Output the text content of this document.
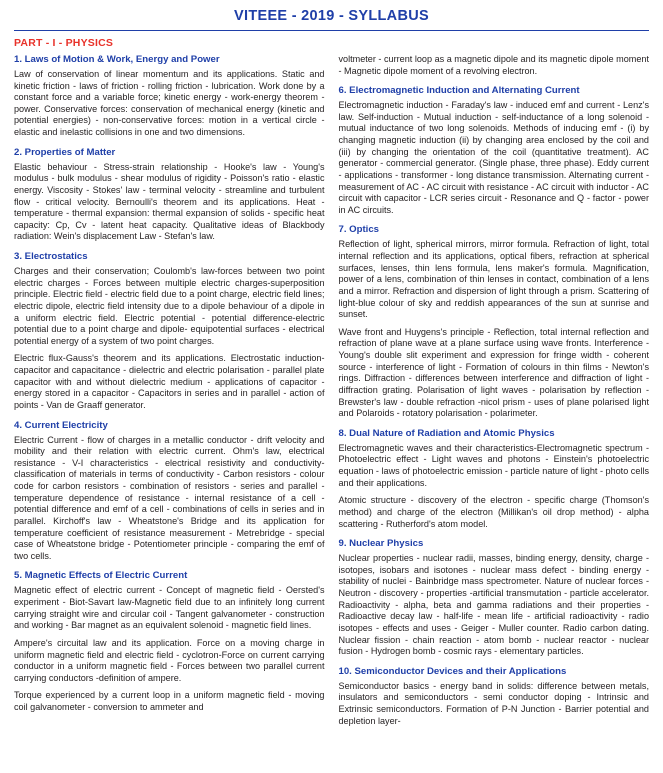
VITEEE - 2019 - SYLLABUS
PART - I - PHYSICS
1. Laws of Motion & Work, Energy and Power

Law of conservation of linear momentum and its applications. Static and kinetic friction - laws of friction - rolling friction - lubrication. Work done by a constant force and a variable force; kinetic energy - work-energy theorem - power. Conservative forces: conservation of mechanical energy (kinetic and potential energies) - non-conservative forces: motion in a vertical circle - elastic and inelastic collisions in one and two dimensions.

2. Properties of Matter

Elastic behaviour - Stress-strain relationship - Hooke's law - Young's modulus - bulk modulus - shear modulus of rigidity - Poisson's ratio - elastic energy. Viscosity - Stokes' law - terminal velocity - streamline and turbulent flow - critical velocity. Bernoulli's theorem and its applications. Heat - temperature - thermal expansion: thermal expansion of solids - specific heat capacity: Cp, Cv - latent heat capacity. Qualitative ideas of Blackbody radiation: Wein's displacement Law - Stefan's law.

3. Electrostatics

Charges and their conservation; Coulomb's law-forces between two point electric charges - Forces between multiple electric charges-superposition principle. Electric field - electric field due to a point charge, electric field lines; electric dipole, electric field intensity due to a dipole behaviour of a dipole in a uniform electric field. Electric potential - potential difference-electric potential due to a point charge and dipole- equipotential surfaces - electrical potential energy of a system of two point charges.

Electric flux-Gauss's theorem and its applications. Electrostatic induction-capacitor and capacitance - dielectric and electric polarisation - parallel plate capacitor with and without dielectric medium - applications of capacitor - energy stored in a capacitor - Capacitors in series and in parallel - action of points - Van de Graaff generator.

4. Current Electricity

Electric Current - flow of charges in a metallic conductor - drift velocity and mobility and their relation with electric current. Ohm's law, electrical resistance - V-I characteristics - electrical resistivity and conductivity-classification of materials in terms of conductivity - Carbon resistors - colour code for carbon resistors - combination of resistors - series and parallel - temperature dependence of resistance - internal resistance of a cell - potential difference and emf of a cell - combinations of cells in series and in parallel. Kirchoff's law - Wheatstone's Bridge and its application for temperature coefficient of resistance measurement - Metrebridge - special case of Wheatstone bridge - Potentiometer principle - comparing the emf of two cells.

5. Magnetic Effects of Electric Current

Magnetic effect of electric current - Concept of magnetic field - Oersted's experiment - Biot-Savart law-Magnetic field due to an infinitely long current carrying straight wire and circular coil - Tangent galvanometer - construction and working - Bar magnet as an equivalent solenoid - magnetic field lines.

Ampere's circuital law and its application. Force on a moving charge in uniform magnetic field and electric field - cyclotron-Force on current carrying conductor in a uniform magnetic field - Forces between two parallel current carrying conductors -definition of ampere.

Torque experienced by a current loop in a uniform magnetic field - moving coil galvanometer - conversion to ammeter and

voltmeter - current loop as a magnetic dipole and its magnetic dipole moment - Magnetic dipole moment of a revolving electron.

6. Electromagnetic Induction and Alternating Current

Electromagnetic induction - Faraday's law - induced emf and current - Lenz's law. Self-induction - Mutual induction - self-inductance of a long solenoid - mutual inductance of two long solenoids. Methods of inducing emf - (i) by changing magnetic induction (ii) by changing area enclosed by the coil and (iii) by changing the orientation of the coil (quantitative treatment). AC generator - commercial generator. (Single phase, three phase). Eddy current - applications - transformer - long distance transmission. Alternating current - measurement of AC - AC circuit with resistance - AC circuit with inductor - AC circuit with capacitor - LCR series circuit - Resonance and Q - factor - power in AC circuits.

7. Optics

Reflection of light, spherical mirrors, mirror formula. Refraction of light, total internal reflection and its applications, optical fibers, refraction at spherical surfaces, lenses, thin lens formula, lens maker's formula. Magnification, power of a lens, combination of thin lenses in contact, combination of a lens and a mirror. Refraction and dispersion of light through a prism. Scattering of light-blue colour of sky and reddish appearances of the sun at sunrise and sunset.

Wave front and Huygens's principle - Reflection, total internal reflection and refraction of plane wave at a plane surface using wave fronts. Interference - Young's double slit experiment and expression for fringe width - coherent source - interference of light - Formation of colours in thin films - Newton's rings. Diffraction - differences between interference and diffraction of light - diffraction grating. Polarisation of light waves - polarisation by reflection - Brewster's law - double refraction -nicol prism - uses of plane polarised light and Polaroids - rotatory polarisation - polarimeter.

8. Dual Nature of Radiation and Atomic Physics

Electromagnetic waves and their characteristics-Electromagnetic spectrum - Photoelectric effect - Light waves and photons - Einstein's photoelectric equation - laws of photoelectric emission - particle nature of light - photo cells and their applications.

Atomic structure - discovery of the electron - specific charge (Thomson's method) and charge of the electron (Millikan's oil drop method) - alpha scattering - Rutherford's atom model.

9. Nuclear Physics

Nuclear properties - nuclear radii, masses, binding energy, density, charge - isotopes, isobars and isotones - nuclear mass defect - binding energy - stability of nuclei - Bainbridge mass spectrometer. Nature of nuclear forces - Neutron - discovery - properties -artificial transmutation - particle accelerator. Radioactivity - alpha, beta and gamma radiations and their properties - Radioactive decay law - half-life - mean life - artificial radioactivity - radio isotopes - effects and uses - Geiger - Muller counter. Radio carbon dating. Nuclear fission - chain reaction - atom bomb - nuclear reactor - nuclear fusion - Hydrogen bomb - cosmic rays - elementary particles.

10. Semiconductor Devices and their Applications

Semiconductor basics - energy band in solids: difference between metals, insulators and semiconductors - semi conductor doping - Intrinsic and Extrinsic semiconductors. Formation of P-N Junction - Barrier potential and depletion layer-
